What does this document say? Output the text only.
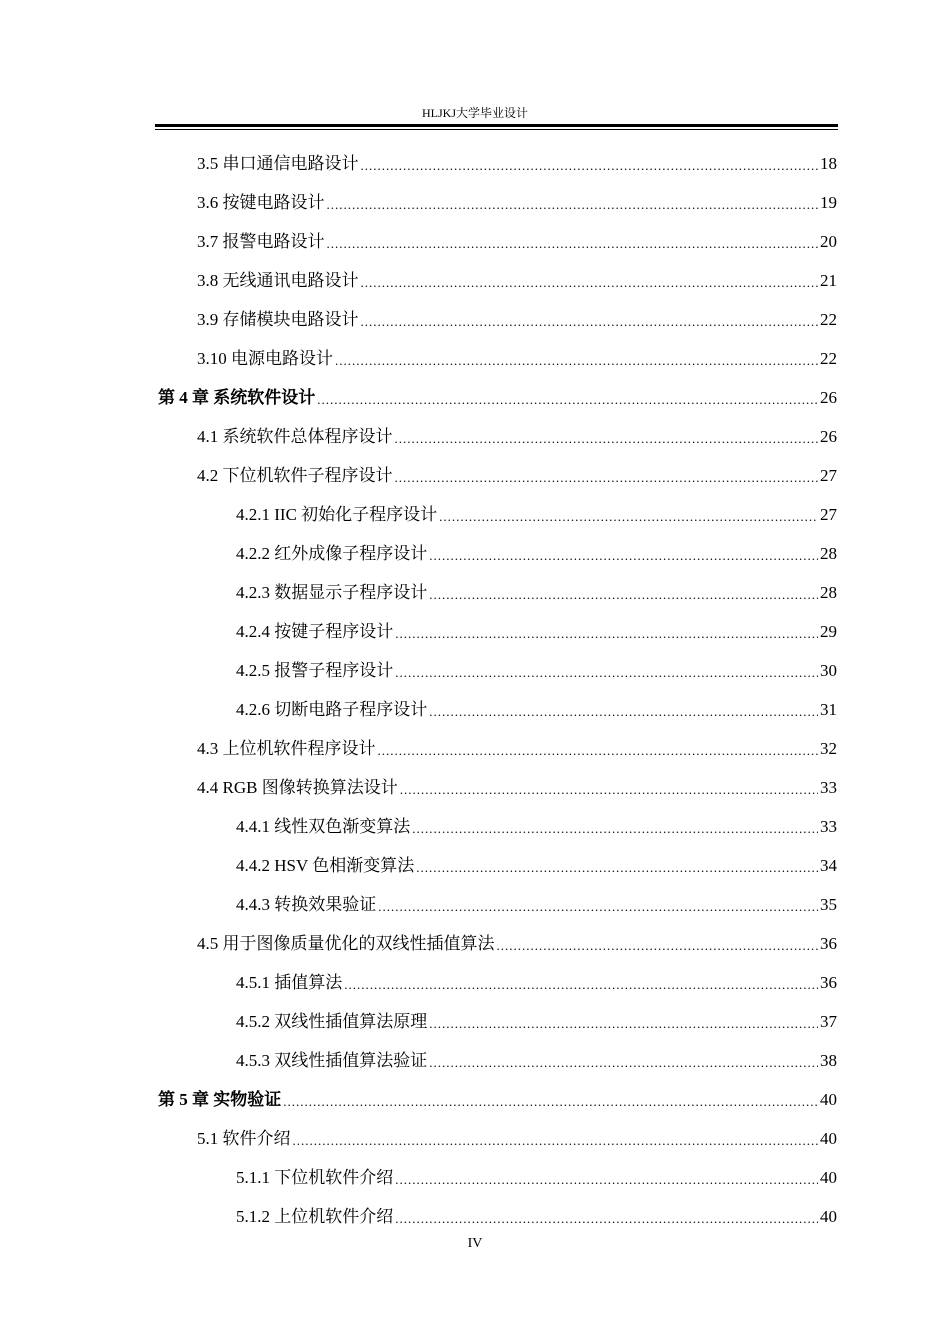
HLJKJ大学毕业设计
3.5 串口通信电路设计 .....	18
3.6 按键电路设计 .....	19
3.7 报警电路设计 .....	20
3.8 无线通讯电路设计 .....	21
3.9 存储模块电路设计 .....	22
3.10 电源电路设计 .....	22
第 4 章 系统软件设计 .....	26
4.1 系统软件总体程序设计 .....	26
4.2 下位机软件子程序设计 .....	27
4.2.1 IIC 初始化子程序设计 .....	27
4.2.2 红外成像子程序设计 .....	28
4.2.3 数据显示子程序设计 .....	28
4.2.4 按键子程序设计 .....	29
4.2.5 报警子程序设计 .....	30
4.2.6 切断电路子程序设计 .....	31
4.3 上位机软件程序设计 .....	32
4.4 RGB 图像转换算法设计 .....	33
4.4.1 线性双色渐变算法 .....	33
4.4.2 HSV 色相渐变算法 .....	34
4.4.3 转换效果验证 .....	35
4.5 用于图像质量优化的双线性插值算法 .....	36
4.5.1 插值算法 .....	36
4.5.2 双线性插值算法原理 .....	37
4.5.3 双线性插值算法验证 .....	38
第 5 章 实物验证 .....	40
5.1 软件介绍 .....	40
5.1.1 下位机软件介绍 .....	40
5.1.2 上位机软件介绍 .....	40
IV
